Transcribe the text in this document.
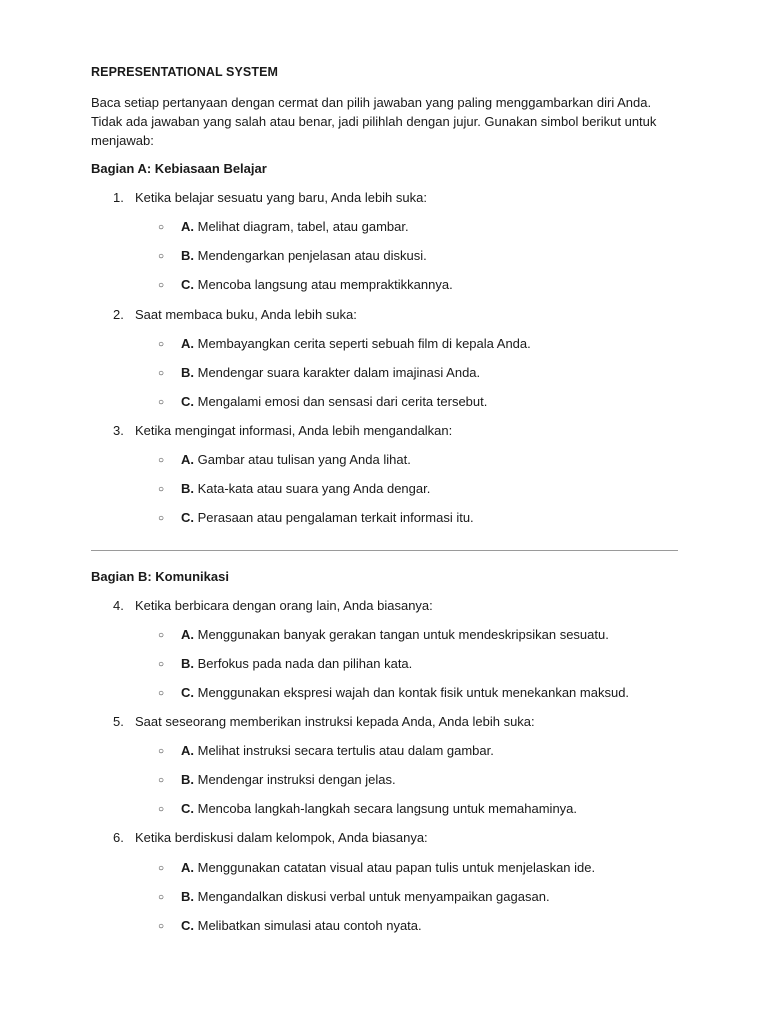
REPRESENTATIONAL SYSTEM
Baca setiap pertanyaan dengan cermat dan pilih jawaban yang paling menggambarkan diri Anda. Tidak ada jawaban yang salah atau benar, jadi pilihlah dengan jujur. Gunakan simbol berikut untuk menjawab:
Bagian A: Kebiasaan Belajar
1. Ketika belajar sesuatu yang baru, Anda lebih suka:
○ A. Melihat diagram, tabel, atau gambar.
○ B. Mendengarkan penjelasan atau diskusi.
○ C. Mencoba langsung atau mempraktikkannya.
2. Saat membaca buku, Anda lebih suka:
○ A. Membayangkan cerita seperti sebuah film di kepala Anda.
○ B. Mendengar suara karakter dalam imajinasi Anda.
○ C. Mengalami emosi dan sensasi dari cerita tersebut.
3. Ketika mengingat informasi, Anda lebih mengandalkan:
○ A. Gambar atau tulisan yang Anda lihat.
○ B. Kata-kata atau suara yang Anda dengar.
○ C. Perasaan atau pengalaman terkait informasi itu.
Bagian B: Komunikasi
4. Ketika berbicara dengan orang lain, Anda biasanya:
○ A. Menggunakan banyak gerakan tangan untuk mendeskripsikan sesuatu.
○ B. Berfokus pada nada dan pilihan kata.
○ C. Menggunakan ekspresi wajah dan kontak fisik untuk menekankan maksud.
5. Saat seseorang memberikan instruksi kepada Anda, Anda lebih suka:
○ A. Melihat instruksi secara tertulis atau dalam gambar.
○ B. Mendengar instruksi dengan jelas.
○ C. Mencoba langkah-langkah secara langsung untuk memahaminya.
6. Ketika berdiskusi dalam kelompok, Anda biasanya:
○ A. Menggunakan catatan visual atau papan tulis untuk menjelaskan ide.
○ B. Mengandalkan diskusi verbal untuk menyampaikan gagasan.
○ C. Melibatkan simulasi atau contoh nyata.
